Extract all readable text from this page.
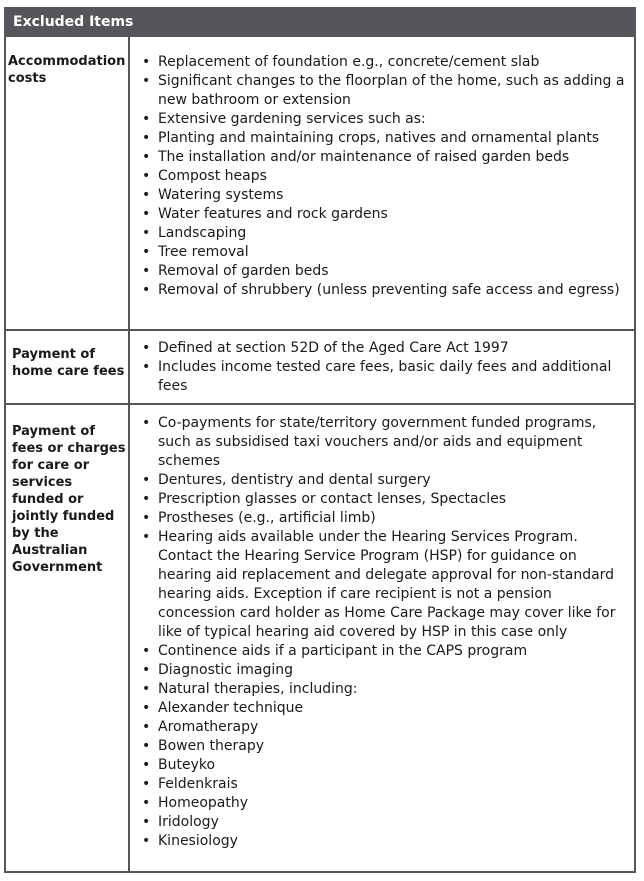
Excluded Items
Accommodation costs
• Replacement of foundation e.g., concrete/cement slab
• Significant changes to the floorplan of the home, such as adding a new bathroom or extension
• Extensive gardening services such as:
• Planting and maintaining crops, natives and ornamental plants
• The installation and/or maintenance of raised garden beds
• Compost heaps
• Watering systems
• Water features and rock gardens
• Landscaping
• Tree removal
• Removal of garden beds
• Removal of shrubbery (unless preventing safe access and egress)
Payment of home care fees
• Defined at section 52D of the Aged Care Act 1997
• Includes income tested care fees, basic daily fees and additional fees
Payment of fees or charges for care or services funded or jointly funded by the Australian Government
• Co-payments for state/territory government funded programs, such as subsidised taxi vouchers and/or aids and equipment schemes
• Dentures, dentistry and dental surgery
• Prescription glasses or contact lenses, Spectacles
• Prostheses (e.g., artificial limb)
• Hearing aids available under the Hearing Services Program. Contact the Hearing Service Program (HSP) for guidance on hearing aid replacement and delegate approval for non-standard hearing aids. Exception if care recipient is not a pension concession card holder as Home Care Package may cover like for like of typical hearing aid covered by HSP in this case only
• Continence aids if a participant in the CAPS program
• Diagnostic imaging
• Natural therapies, including:
• Alexander technique
• Aromatherapy
• Bowen therapy
• Buteyko
• Feldenkrais
• Homeopathy
• Iridology
• Kinesiology
